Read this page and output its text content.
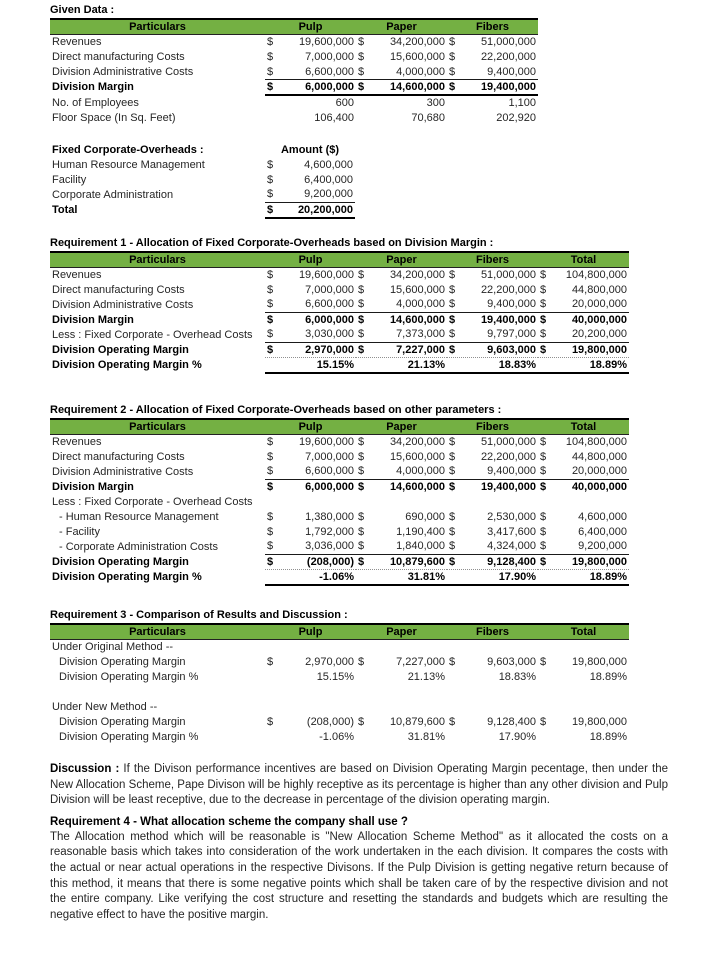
Given Data :
Particulars	Pulp	Paper	Fibers
Revenues	$ 19,600,000	$ 34,200,000	$ 51,000,000

Direct manufacturing Costs	$ 7,000,000	$ 15,600,000	$ 22,200,000

Division Administrative Costs	$ 6,600,000	$ 4,000,000	$ 9,400,000

Division Margin	$ 6,000,000	$ 14,600,000	$ 19,400,000

No. of Employees	600	300	1,100
Floor Space (In Sq. Feet)	106,400	70,680	202,920
Fixed Corporate-Overheads :	Amount ($)
Human Resource Management	$ 4,600,000

Facility	$ 6,400,000

Corporate Administration	$ 9,200,000

Total	$ 20,200,000
Requirement 1 - Allocation of Fixed Corporate-Overheads based on Division Margin :
Particulars	Pulp	Paper	Fibers	Total
Revenues	$ 19,600,000	$ 34,200,000	$ 51,000,000	$ 104,800,000

Direct manufacturing Costs	$ 7,000,000	$ 15,600,000	$ 22,200,000	$ 44,800,000

Division Administrative Costs	$ 6,600,000	$ 4,000,000	$ 9,400,000	$ 20,000,000

Division Margin	$ 6,000,000	$ 14,600,000	$ 19,400,000	$ 40,000,000

Less : Fixed Corporate - Overhead Costs	$ 3,030,000	$ 7,373,000	$ 9,797,000	$ 20,200,000

Division Operating Margin	$ 2,970,000	$ 7,227,000	$ 9,603,000	$ 19,800,000

Division Operating Margin %	15.15%	21.13%	18.83%	18.89%
Requirement 2 - Allocation of Fixed Corporate-Overheads based on other parameters :
Particulars	Pulp	Paper	Fibers	Total
Revenues	$ 19,600,000	$ 34,200,000	$ 51,000,000	$ 104,800,000

Direct manufacturing Costs	$ 7,000,000	$ 15,600,000	$ 22,200,000	$ 44,800,000

Division Administrative Costs	$ 6,600,000	$ 4,000,000	$ 9,400,000	$ 20,000,000

Division Margin	$ 6,000,000	$ 14,600,000	$ 19,400,000	$ 40,000,000

Less : Fixed Corporate - Overhead Costs				
- Human Resource Management	$ 1,380,000	$ 690,000	$ 2,530,000	$ 4,600,000

- Facility	$ 1,792,000	$ 1,190,400	$ 3,417,600	$ 6,400,000

- Corporate Administration Costs	$ 3,036,000	$ 1,840,000	$ 4,324,000	$ 9,200,000

Division Operating Margin	$ (208,000)	$ 10,879,600	$ 9,128,400	$ 19,800,000

Division Operating Margin %	-1.06%	31.81%	17.90%	18.89%
Requirement 3 - Comparison of Results and Discussion :
Particulars	Pulp	Paper	Fibers	Total
Under Original Method --				
Division Operating Margin	$ 2,970,000	$ 7,227,000	$ 9,603,000	$ 19,800,000

Division Operating Margin %	15.15%	21.13%	18.83%	18.89%

Under New Method --				
Division Operating Margin	$ (208,000)	$ 10,879,600	$ 9,128,400	$ 19,800,000

Division Operating Margin %	-1.06%	31.81%	17.90%	18.89%

Discussion : If the Divison performance incentives are based on Division Operating Margin pecentage, then under the New Allocation Scheme, Pape Divison will be highly receptive as its percentage is higher than any other division and Pulp Division will be least receptive, due to the decrease in percentage of the division operating margin.

Requirement 4 - What allocation scheme the company shall use ?

The Allocation method which will be reasonable is "New Allocation Scheme Method" as it allocated the costs on a reasonable basis which takes into consideration of the work undertaken in the each division. It compares the costs with the actual or near actual operations in the respective Divisons. If the Pulp Division is getting negative return because of this method, it means that there is some negative points which shall be taken care of by the respective division and not the entire company. Like verifying the cost structure and resetting the standards and budgets which are resulting the negative effect to have the positive margin.
